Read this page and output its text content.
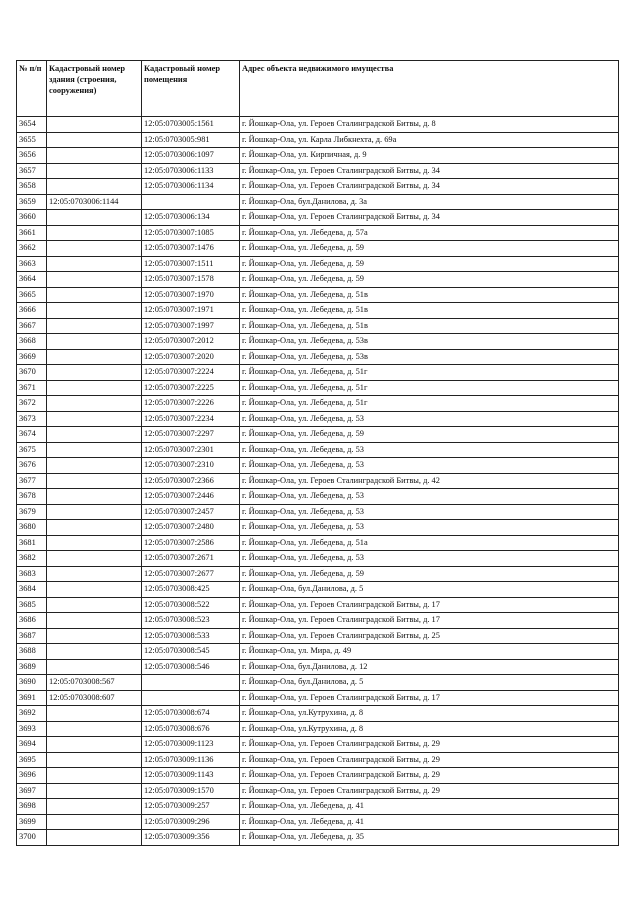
№ п/п	Кадастровый номер здания (строения, сооружения)	Кадастровый номер помещения	Адрес объекта недвижимого имущества
3654		12:05:0703005:1561	г. Йошкар-Ола, ул. Героев Сталинградской Битвы, д. 8
3655		12:05:0703005:981	г. Йошкар-Ола, ул. Карла Либкнехта, д. 69а
3656		12:05:0703006:1097	г. Йошкар-Ола, ул. Кирпичная, д. 9
3657		12:05:0703006:1133	г. Йошкар-Ола, ул. Героев Сталинградской Битвы, д. 34
3658		12:05:0703006:1134	г. Йошкар-Ола, ул. Героев Сталинградской Битвы, д. 34
3659	12:05:0703006:1144		г. Йошкар-Ола, бул.Данилова, д. 3а
3660		12:05:0703006:134	г. Йошкар-Ола, ул. Героев Сталинградской Битвы, д. 34
3661		12:05:0703007:1085	г. Йошкар-Ола, ул. Лебедева, д. 57а
3662		12:05:0703007:1476	г. Йошкар-Ола, ул. Лебедева, д. 59
3663		12:05:0703007:1511	г. Йошкар-Ола, ул. Лебедева, д. 59
3664		12:05:0703007:1578	г. Йошкар-Ола, ул. Лебедева, д. 59
3665		12:05:0703007:1970	г. Йошкар-Ола, ул. Лебедева, д. 51в
3666		12:05:0703007:1971	г. Йошкар-Ола, ул. Лебедева, д. 51в
3667		12:05:0703007:1997	г. Йошкар-Ола, ул. Лебедева, д. 51в
3668		12:05:0703007:2012	г. Йошкар-Ола, ул. Лебедева, д. 53в
3669		12:05:0703007:2020	г. Йошкар-Ола, ул. Лебедева, д. 53в
3670		12:05:0703007:2224	г. Йошкар-Ола, ул. Лебедева, д. 51г
3671		12:05:0703007:2225	г. Йошкар-Ола, ул. Лебедева, д. 51г
3672		12:05:0703007:2226	г. Йошкар-Ола, ул. Лебедева, д. 51г
3673		12:05:0703007:2234	г. Йошкар-Ола, ул. Лебедева, д. 53
3674		12:05:0703007:2297	г. Йошкар-Ола, ул. Лебедева, д. 59
3675		12:05:0703007:2301	г. Йошкар-Ола, ул. Лебедева, д. 53
3676		12:05:0703007:2310	г. Йошкар-Ола, ул. Лебедева, д. 53
3677		12:05:0703007:2366	г. Йошкар-Ола, ул. Героев Сталинградской Битвы, д. 42
3678		12:05:0703007:2446	г. Йошкар-Ола, ул. Лебедева, д. 53
3679		12:05:0703007:2457	г. Йошкар-Ола, ул. Лебедева, д. 53
3680		12:05:0703007:2480	г. Йошкар-Ола, ул. Лебедева, д. 53
3681		12:05:0703007:2586	г. Йошкар-Ола, ул. Лебедева, д. 51а
3682		12:05:0703007:2671	г. Йошкар-Ола, ул. Лебедева, д. 53
3683		12:05:0703007:2677	г. Йошкар-Ола, ул. Лебедева, д. 59
3684		12:05:0703008:425	г. Йошкар-Ола, бул.Данилова, д. 5
3685		12:05:0703008:522	г. Йошкар-Ола, ул. Героев Сталинградской Битвы, д. 17
3686		12:05:0703008:523	г. Йошкар-Ола, ул. Героев Сталинградской Битвы, д. 17
3687		12:05:0703008:533	г. Йошкар-Ола, ул. Героев Сталинградской Битвы, д. 25
3688		12:05:0703008:545	г. Йошкар-Ола, ул. Мира, д. 49
3689		12:05:0703008:546	г. Йошкар-Ола, бул.Данилова, д. 12
3690	12:05:0703008:567		г. Йошкар-Ола, бул.Данилова, д. 5
3691	12:05:0703008:607		г. Йошкар-Ола, ул. Героев Сталинградской Битвы, д. 17
3692		12:05:0703008:674	г. Йошкар-Ола, ул.Кутрухина, д. 8
3693		12:05:0703008:676	г. Йошкар-Ола, ул.Кутрухина, д. 8
3694		12:05:0703009:1123	г. Йошкар-Ола, ул. Героев Сталинградской Битвы, д. 29
3695		12:05:0703009:1136	г. Йошкар-Ола, ул. Героев Сталинградской Битвы, д. 29
3696		12:05:0703009:1143	г. Йошкар-Ола, ул. Героев Сталинградской Битвы, д. 29
3697		12:05:0703009:1570	г. Йошкар-Ола, ул. Героев Сталинградской Битвы, д. 29
3698		12:05:0703009:257	г. Йошкар-Ола, ул. Лебедева, д. 41
3699		12:05:0703009:296	г. Йошкар-Ола, ул. Лебедева, д. 41
3700		12:05:0703009:356	г. Йошкар-Ола, ул. Лебедева, д. 35
